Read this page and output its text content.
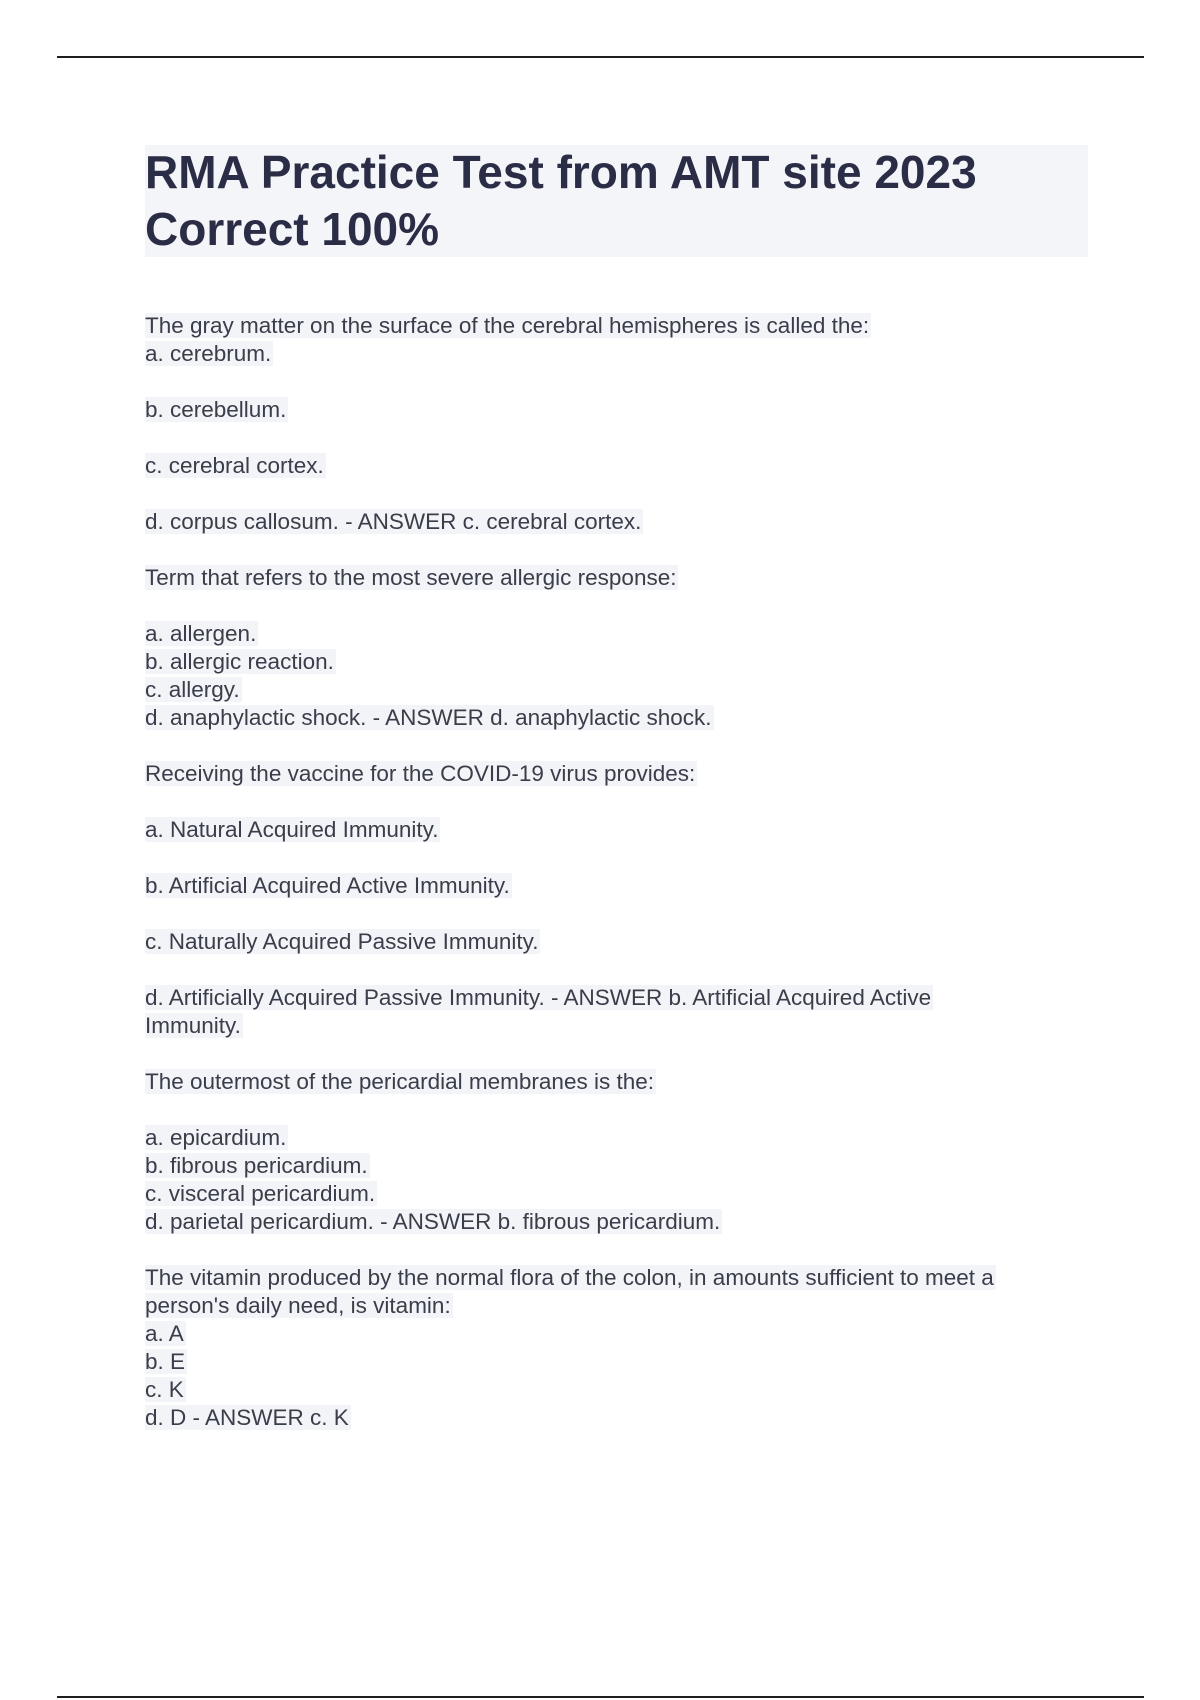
RMA Practice Test from AMT site 2023
Correct 100%
The gray matter on the surface of the cerebral hemispheres is called the:
a. cerebrum.
b. cerebellum.
c. cerebral cortex.
d. corpus callosum. - ANSWER c. cerebral cortex.
Term that refers to the most severe allergic response:
a. allergen.
b. allergic reaction.
c. allergy.
d. anaphylactic shock. - ANSWER d. anaphylactic shock.
Receiving the vaccine for the COVID-19 virus provides:
a. Natural Acquired Immunity.
b. Artificial Acquired Active Immunity.
c. Naturally Acquired Passive Immunity.
d. Artificially Acquired Passive Immunity. - ANSWER b. Artificial Acquired Active
Immunity.
The outermost of the pericardial membranes is the:
a. epicardium.
b. fibrous pericardium.
c. visceral pericardium.
d. parietal pericardium. - ANSWER b. fibrous pericardium.
The vitamin produced by the normal flora of the colon, in amounts sufficient to meet a
person's daily need, is vitamin:
a. A
b. E
c. K
d. D - ANSWER c. K
